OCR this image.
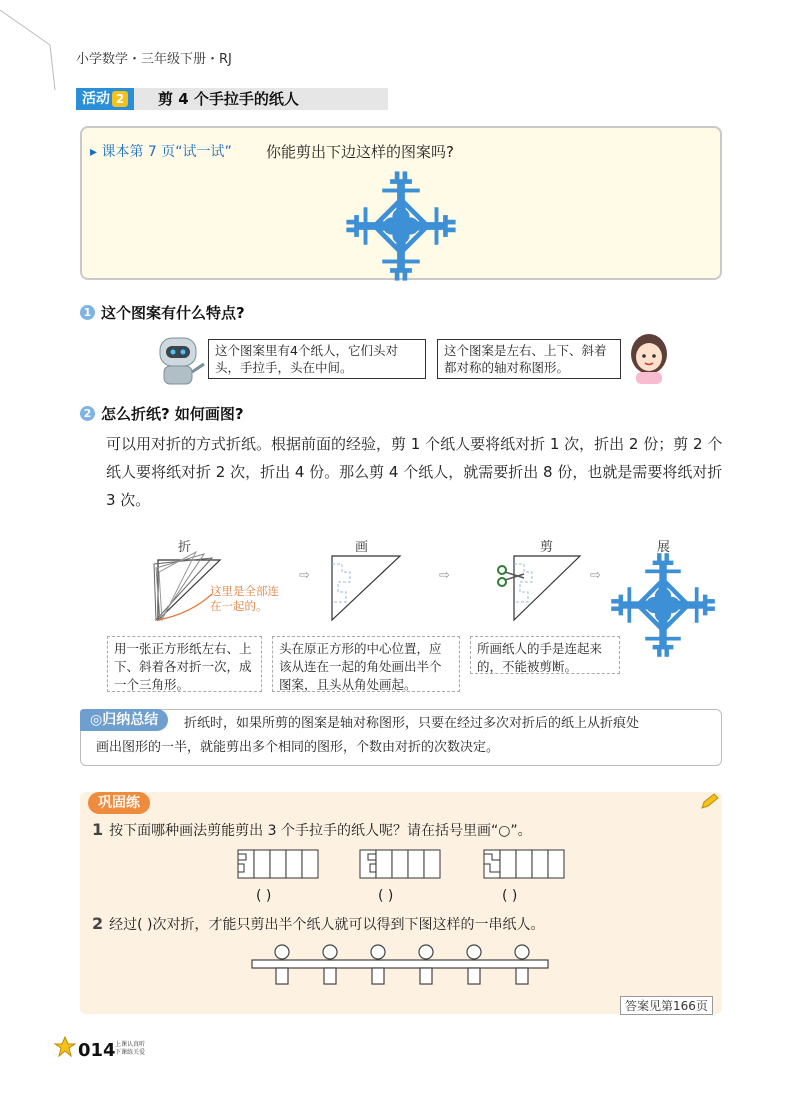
小学数学・三年级下册・RJ
活动 2 剪 4 个手拉手的纸人
▸ 课本第 7 页“试一试” 你能剪出下边这样的图案吗?
1 这个图案有什么特点?
这个图案里有4个纸人，它们头对头，手拉手，头在中间。
这个图案是左右、上下、斜着都对称的轴对称图形。
2 怎么折纸? 如何画图?
可以用对折的方式折纸。根据前面的经验，剪 1 个纸人要将纸对折 1 次，折出 2 份；剪 2 个纸人要将纸对折 2 次，折出 4 份。那么剪 4 个纸人，就需要折出 8 份，也就是需要将纸对折 3 次。
折	画	剪	展
这里是全部连在一起的。
⇨
⇨	⇨
用一张正方形纸左右、上下、斜着各对折一次，成一个三角形。
头在原正方形的中心位置，应该从连在一起的角处画出半个图案，且头从角处画起。
所画纸人的手是连起来的，不能被剪断。
◎归纳总结	折纸时，如果所剪的图案是轴对称图形，只要在经过多次对折后的纸上从折痕处
画出图形的一半，就能剪出多个相同的图形，个数由对折的次数决定。
巩固练
1 按下面哪种画法剪能剪出 3 个手拉手的纸人呢？请在括号里画“○”。
( )	( )	( )
2 经过( )次对折，才能只剪出半个纸人就可以得到下图这样的一串纸人。
答案见第166页
014 上课认真听
下课练关爱
